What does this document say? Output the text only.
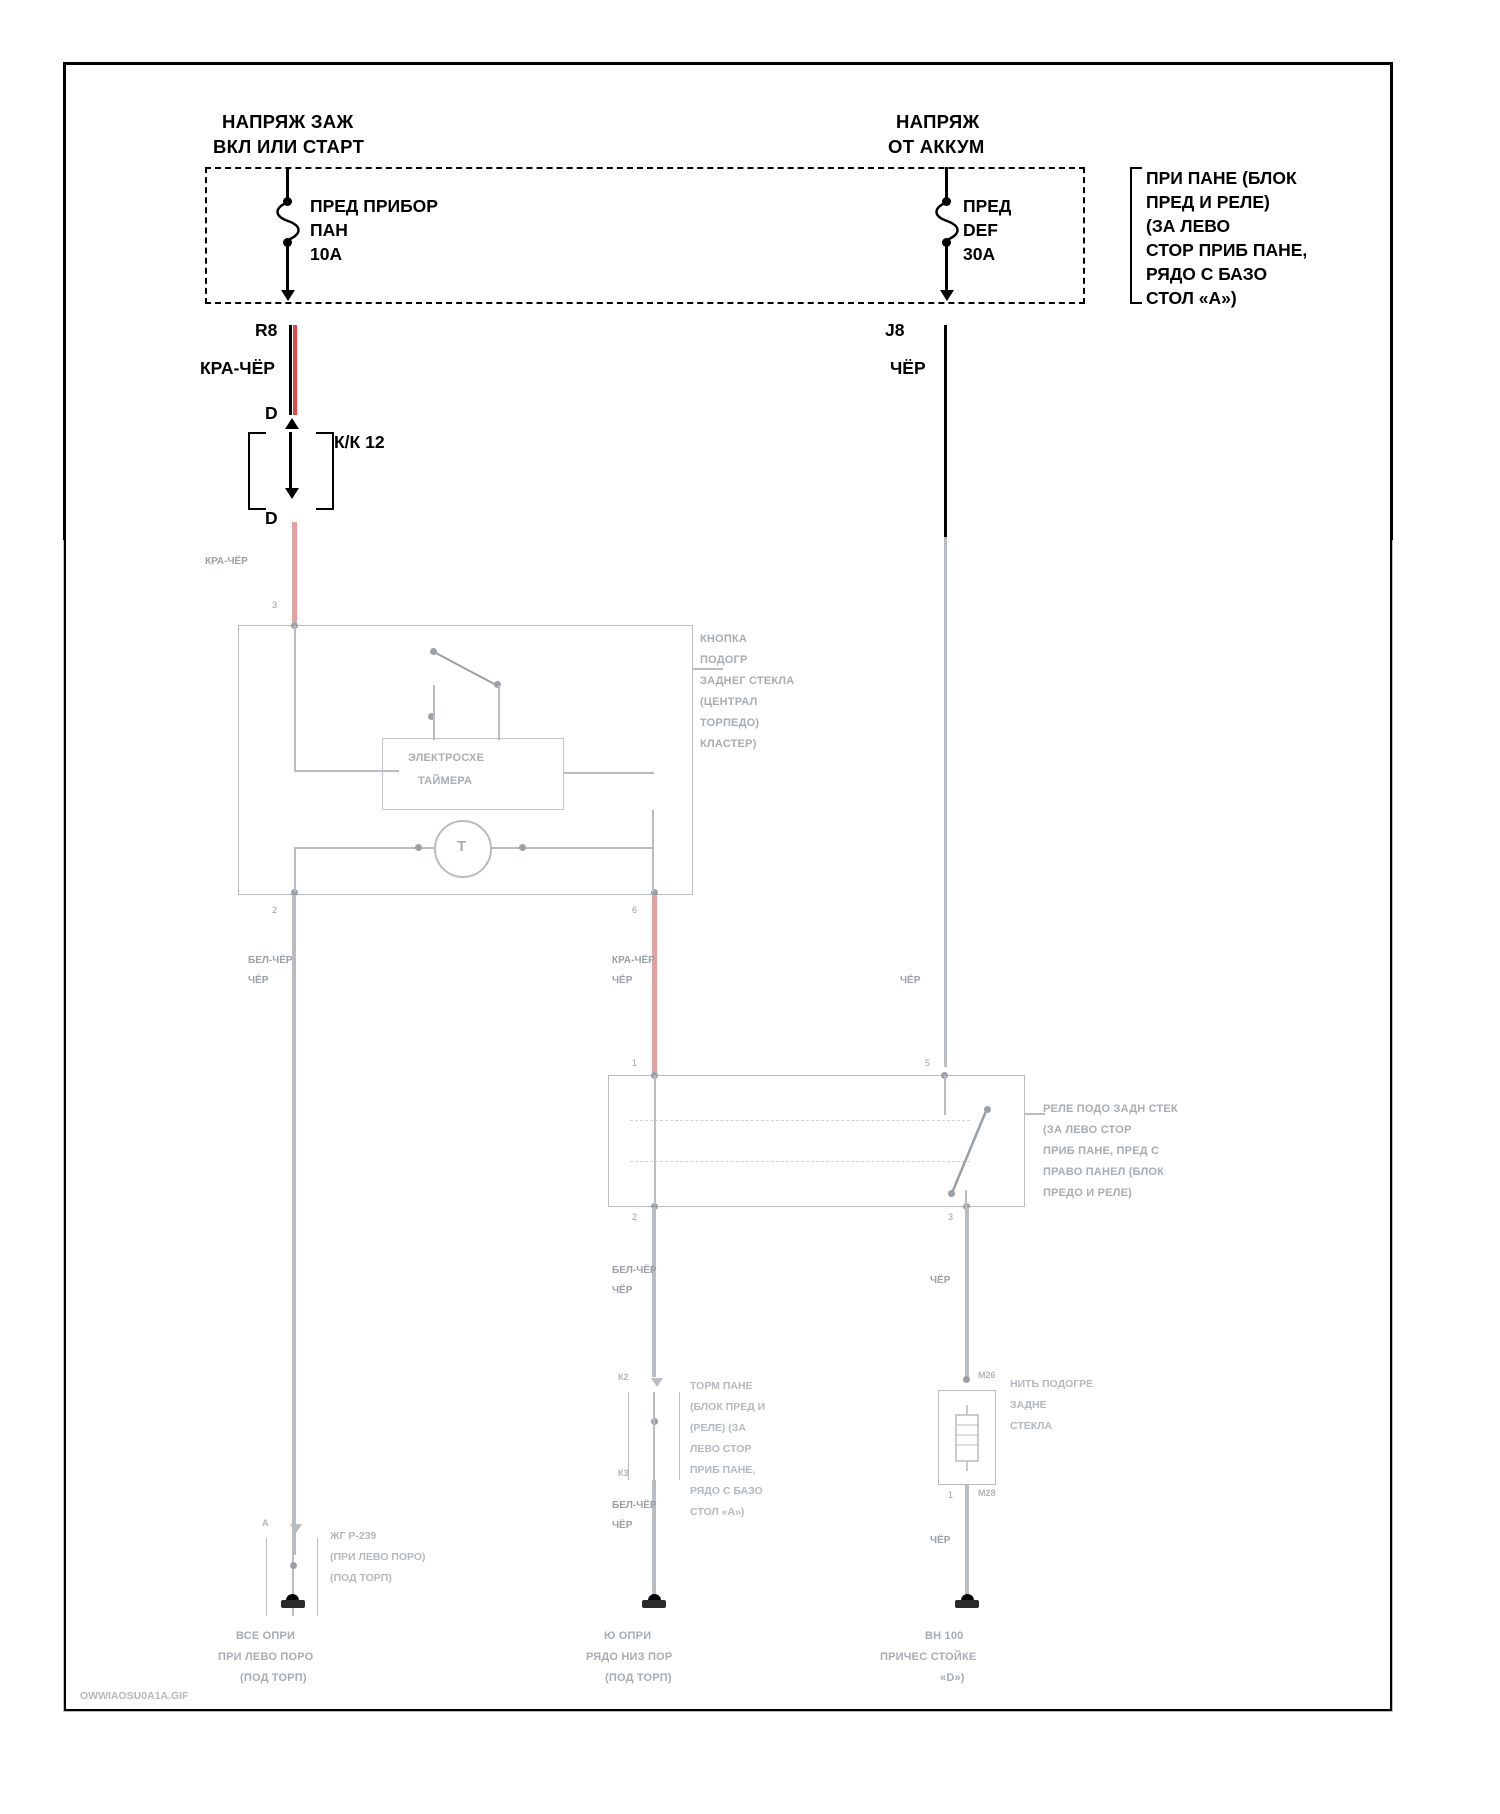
НАПРЯЖ ЗАЖ
ВКЛ ИЛИ СТАРТ
НАПРЯЖ
ОТ АККУМ
ПРИ ПАНЕ (БЛОК
ПРЕД И РЕЛЕ)
(ЗА ЛЕВО
СТОР ПРИБ ПАНЕ,
РЯДО С БАЗО
СТОЛ «А»)
ПРЕД ПРИБОР
ПАН
10А
R8
КРА-ЧЁР
D
D
К/К 12
КРА-ЧЁР
3
ПРЕД
DEF
30А
J8
ЧЁР
ЧЁР
5
ЭЛЕКТРОСХЕ
ТАЙМЕРА
T
КНОПКА
ПОДОГР
ЗАДНЕГ СТЕКЛА
(ЦЕНТРАЛ
ТОРПЕДО)
КЛАСТЕР)
2	6
БЕЛ-ЧЁР
ЧЁР
КРА-ЧЁР
ЧЁР
1
РЕЛЕ ПОДО ЗАДН СТЕК
(ЗА ЛЕВО СТОР
ПРИБ ПАНЕ, ПРЕД С
ПРАВО ПАНЕЛ (БЛОК
ПРЕДО И РЕЛЕ)
2	3
БЕЛ-ЧЁР
ЧЁР
ЧЁР
К2
К3
ТОРМ ПАНЕ
(БЛОК ПРЕД И
(РЕЛЕ) (ЗА
ЛЕВО СТОР
ПРИБ ПАНЕ,
РЯДО С БАЗО
СТОЛ «А»)
БЕЛ-ЧЁР
ЧЁР
М26
НИТЬ ПОДОГРЕ
ЗАДНЕ
СТЕКЛА
М28
1
ЧЁР
A
ЖГ Р-239
(ПРИ ЛЕВО ПОРО)
(ПОД ТОРП)
ВСЕ ОПРИ
ПРИ ЛЕВО ПОРО
(ПОД ТОРП)
Ю ОПРИ
РЯДО НИЗ ПОР
(ПОД ТОРП)
ВН 100
ПРИЧЕС СТОЙКЕ
«D»)
OWWIAOSU0A1A.GIF
